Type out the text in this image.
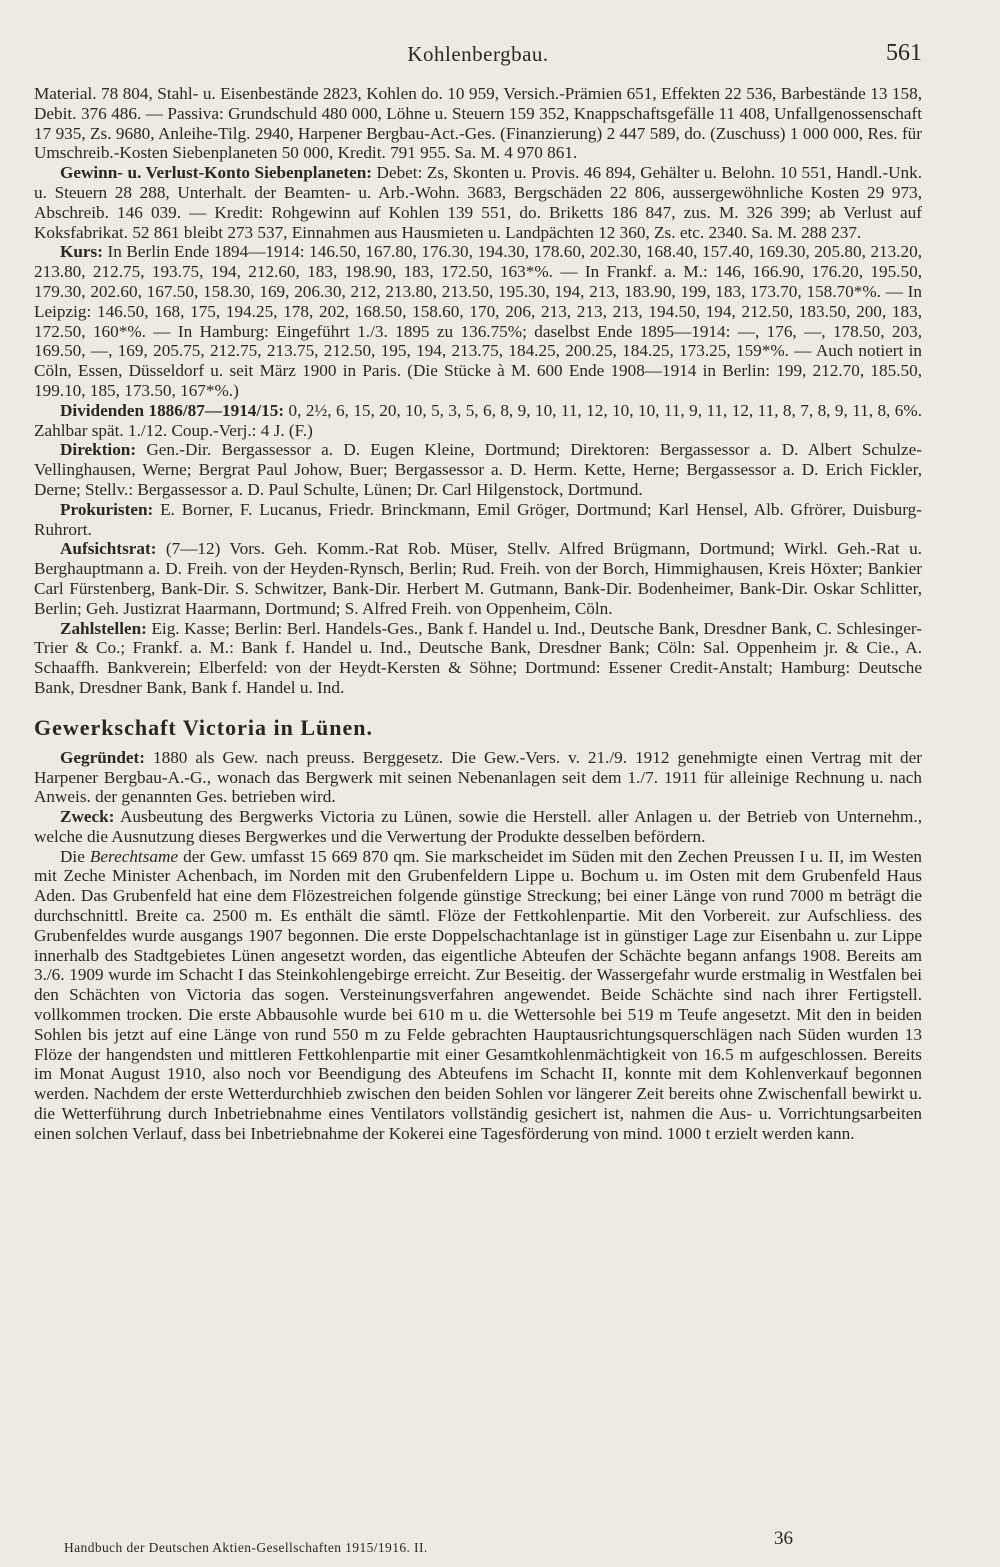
Kohlenbergbau.	561

Material. 78 804, Stahl- u. Eisenbestände 2823, Kohlen do. 10 959, Versich.-Prämien 651, Effekten 22 536, Barbestände 13 158, Debit. 376 486. — Passiva: Grundschuld 480 000, Löhne u. Steuern 159 352, Knappschaftsgefälle 11 408, Unfallgenossenschaft 17 935, Zs. 9680, Anleihe-Tilg. 2940, Harpener Bergbau-Act.-Ges. (Finanzierung) 2 447 589, do. (Zuschuss) 1 000 000, Res. für Umschreib.-Kosten Siebenplaneten 50 000, Kredit. 791 955. Sa. M. 4 970 861.

Gewinn- u. Verlust-Konto Siebenplaneten: Debet: Zs, Skonten u. Provis. 46 894, Gehälter u. Belohn. 10 551, Handl.-Unk. u. Steuern 28 288, Unterhalt. der Beamten- u. Arb.-Wohn. 3683, Bergschäden 22 806, aussergewöhnliche Kosten 29 973, Abschreib. 146 039. — Kredit: Rohgewinn auf Kohlen 139 551, do. Briketts 186 847, zus. M. 326 399; ab Verlust auf Koksfabrikat. 52 861 bleibt 273 537, Einnahmen aus Hausmieten u. Landpächten 12 360, Zs. etc. 2340. Sa. M. 288 237.

Kurs: In Berlin Ende 1894—1914: 146.50, 167.80, 176.30, 194.30, 178.60, 202.30, 168.40, 157.40, 169.30, 205.80, 213.20, 213.80, 212.75, 193.75, 194, 212.60, 183, 198.90, 183, 172.50, 163*%. — In Frankf. a. M.: 146, 166.90, 176.20, 195.50, 179.30, 202.60, 167.50, 158.30, 169, 206.30, 212, 213.80, 213.50, 195.30, 194, 213, 183.90, 199, 183, 173.70, 158.70*%. — In Leipzig: 146.50, 168, 175, 194.25, 178, 202, 168.50, 158.60, 170, 206, 213, 213, 213, 194.50, 194, 212.50, 183.50, 200, 183, 172.50, 160*%. — In Hamburg: Eingeführt 1./3. 1895 zu 136.75%; daselbst Ende 1895—1914: —, 176, —, 178.50, 203, 169.50, —, 169, 205.75, 212.75, 213.75, 212.50, 195, 194, 213.75, 184.25, 200.25, 184.25, 173.25, 159*%. — Auch notiert in Cöln, Essen, Düsseldorf u. seit März 1900 in Paris. (Die Stücke à M. 600 Ende 1908—1914 in Berlin: 199, 212.70, 185.50, 199.10, 185, 173.50, 167*%.)

Dividenden 1886/87—1914/15: 0, 2½, 6, 15, 20, 10, 5, 3, 5, 6, 8, 9, 10, 11, 12, 10, 10, 11, 9, 11, 12, 11, 8, 7, 8, 9, 11, 8, 6%. Zahlbar spät. 1./12. Coup.-Verj.: 4 J. (F.)

Direktion: Gen.-Dir. Bergassessor a. D. Eugen Kleine, Dortmund; Direktoren: Bergassessor a. D. Albert Schulze-Vellinghausen, Werne; Bergrat Paul Johow, Buer; Bergassessor a. D. Herm. Kette, Herne; Bergassessor a. D. Erich Fickler, Derne; Stellv.: Bergassessor a. D. Paul Schulte, Lünen; Dr. Carl Hilgenstock, Dortmund.

Prokuristen: E. Borner, F. Lucanus, Friedr. Brinckmann, Emil Gröger, Dortmund; Karl Hensel, Alb. Gfrörer, Duisburg-Ruhrort.

Aufsichtsrat: (7—12) Vors. Geh. Komm.-Rat Rob. Müser, Stellv. Alfred Brügmann, Dortmund; Wirkl. Geh.-Rat u. Berghauptmann a. D. Freih. von der Heyden-Rynsch, Berlin; Rud. Freih. von der Borch, Himmighausen, Kreis Höxter; Bankier Carl Fürstenberg, Bank-Dir. S. Schwitzer, Bank-Dir. Herbert M. Gutmann, Bank-Dir. Bodenheimer, Bank-Dir. Oskar Schlitter, Berlin; Geh. Justizrat Haarmann, Dortmund; S. Alfred Freih. von Oppenheim, Cöln.

Zahlstellen: Eig. Kasse; Berlin: Berl. Handels-Ges., Bank f. Handel u. Ind., Deutsche Bank, Dresdner Bank, C. Schlesinger-Trier & Co.; Frankf. a. M.: Bank f. Handel u. Ind., Deutsche Bank, Dresdner Bank; Cöln: Sal. Oppenheim jr. & Cie., A. Schaaffh. Bankverein; Elberfeld: von der Heydt-Kersten & Söhne; Dortmund: Essener Credit-Anstalt; Hamburg: Deutsche Bank, Dresdner Bank, Bank f. Handel u. Ind.

Gewerkschaft Victoria in Lünen.

Gegründet: 1880 als Gew. nach preuss. Berggesetz. Die Gew.-Vers. v. 21./9. 1912 genehmigte einen Vertrag mit der Harpener Bergbau-A.-G., wonach das Bergwerk mit seinen Nebenanlagen seit dem 1./7. 1911 für alleinige Rechnung u. nach Anweis. der genannten Ges. betrieben wird.

Zweck: Ausbeutung des Bergwerks Victoria zu Lünen, sowie die Herstell. aller Anlagen u. der Betrieb von Unternehm., welche die Ausnutzung dieses Bergwerkes und die Verwertung der Produkte desselben befördern.

Die Berechtsame der Gew. umfasst 15 669 870 qm. Sie markscheidet im Süden mit den Zechen Preussen I u. II, im Westen mit Zeche Minister Achenbach, im Norden mit den Grubenfeldern Lippe u. Bochum u. im Osten mit dem Grubenfeld Haus Aden. Das Grubenfeld hat eine dem Flözestreichen folgende günstige Streckung; bei einer Länge von rund 7000 m beträgt die durchschnittl. Breite ca. 2500 m. Es enthält die sämtl. Flöze der Fettkohlenpartie. Mit den Vorbereit. zur Aufschliess. des Grubenfeldes wurde ausgangs 1907 begonnen. Die erste Doppelschachtanlage ist in günstiger Lage zur Eisenbahn u. zur Lippe innerhalb des Stadtgebietes Lünen angesetzt worden, das eigentliche Abteufen der Schächte begann anfangs 1908. Bereits am 3./6. 1909 wurde im Schacht I das Steinkohlengebirge erreicht. Zur Beseitig. der Wassergefahr wurde erstmalig in Westfalen bei den Schächten von Victoria das sogen. Versteinungsverfahren angewendet. Beide Schächte sind nach ihrer Fertigstell. vollkommen trocken. Die erste Abbausohle wurde bei 610 m u. die Wettersohle bei 519 m Teufe angesetzt. Mit den in beiden Sohlen bis jetzt auf eine Länge von rund 550 m zu Felde gebrachten Hauptausrichtungsquerschlägen nach Süden wurden 13 Flöze der hangendsten und mittleren Fettkohlenpartie mit einer Gesamtkohlenmächtigkeit von 16.5 m aufgeschlossen. Bereits im Monat August 1910, also noch vor Beendigung des Abteufens im Schacht II, konnte mit dem Kohlenverkauf begonnen werden. Nachdem der erste Wetterdurchhieb zwischen den beiden Sohlen vor längerer Zeit bereits ohne Zwischenfall bewirkt u. die Wetterführung durch Inbetriebnahme eines Ventilators vollständig gesichert ist, nahmen die Aus- u. Vorrichtungsarbeiten einen solchen Verlauf, dass bei Inbetriebnahme der Kokerei eine Tagesförderung von mind. 1000 t erzielt werden kann.

Handbuch der Deutschen Aktien-Gesellschaften 1915/1916. II.	36
